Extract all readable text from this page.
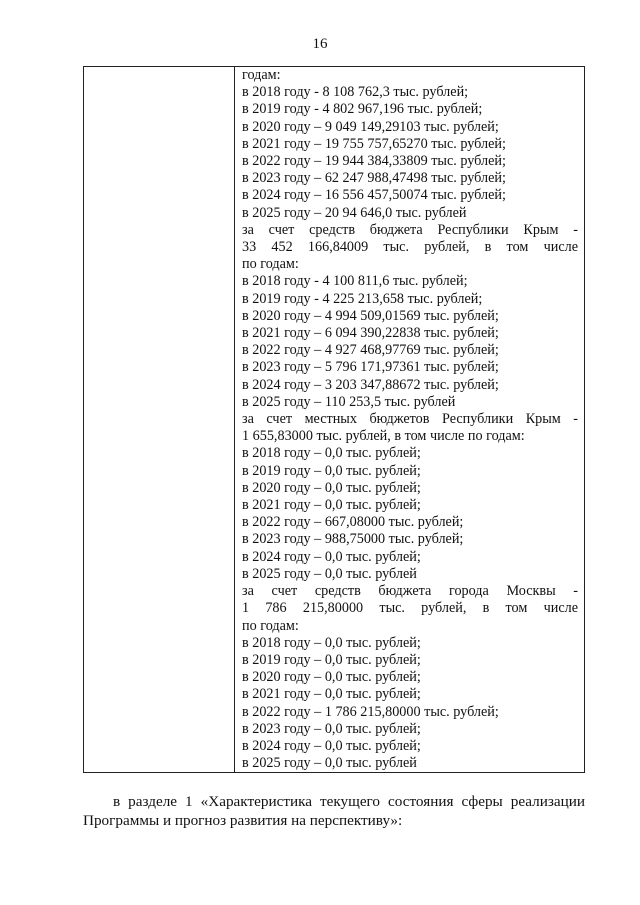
16
годам:
в 2018 году - 8 108 762,3 тыс. рублей;
в 2019 году - 4 802 967,196 тыс. рублей;
в 2020 году – 9 049 149,29103 тыс. рублей;
в 2021 году – 19 755 757,65270 тыс. рублей;
в 2022 году – 19 944 384,33809 тыс. рублей;
в 2023 году – 62 247 988,47498 тыс. рублей;
в 2024 году – 16 556 457,50074 тыс. рублей;
в 2025 году – 20 94 646,0 тыс. рублей
за счет средств бюджета Республики Крым -
33 452 166,84009 тыс. рублей, в том числе
по годам:
в 2018 году - 4 100 811,6 тыс. рублей;
в 2019 году - 4 225 213,658 тыс. рублей;
в 2020 году – 4 994 509,01569 тыс. рублей;
в 2021 году – 6 094 390,22838 тыс. рублей;
в 2022 году – 4 927 468,97769 тыс. рублей;
в 2023 году – 5 796 171,97361 тыс. рублей;
в 2024 году – 3 203 347,88672 тыс. рублей;
в 2025 году – 110 253,5 тыс. рублей
за счет местных бюджетов Республики Крым -
1 655,83000 тыс. рублей, в том числе по годам:
в 2018 году – 0,0 тыс. рублей;
в 2019 году – 0,0 тыс. рублей;
в 2020 году – 0,0 тыс. рублей;
в 2021 году – 0,0 тыс. рублей;
в 2022 году – 667,08000 тыс. рублей;
в 2023 году – 988,75000 тыс. рублей;
в 2024 году – 0,0 тыс. рублей;
в 2025 году – 0,0 тыс. рублей
за счет средств бюджета города Москвы -
1 786 215,80000 тыс. рублей, в том числе
по годам:
в 2018 году – 0,0 тыс. рублей;
в 2019 году – 0,0 тыс. рублей;
в 2020 году – 0,0 тыс. рублей;
в 2021 году – 0,0 тыс. рублей;
в 2022 году – 1 786 215,80000 тыс. рублей;
в 2023 году – 0,0 тыс. рублей;
в 2024 году – 0,0 тыс. рублей;
в 2025 году – 0,0 тыс. рублей
в разделе 1 «Характеристика текущего состояния сферы реализации
Программы и прогноз развития на перспективу»:
